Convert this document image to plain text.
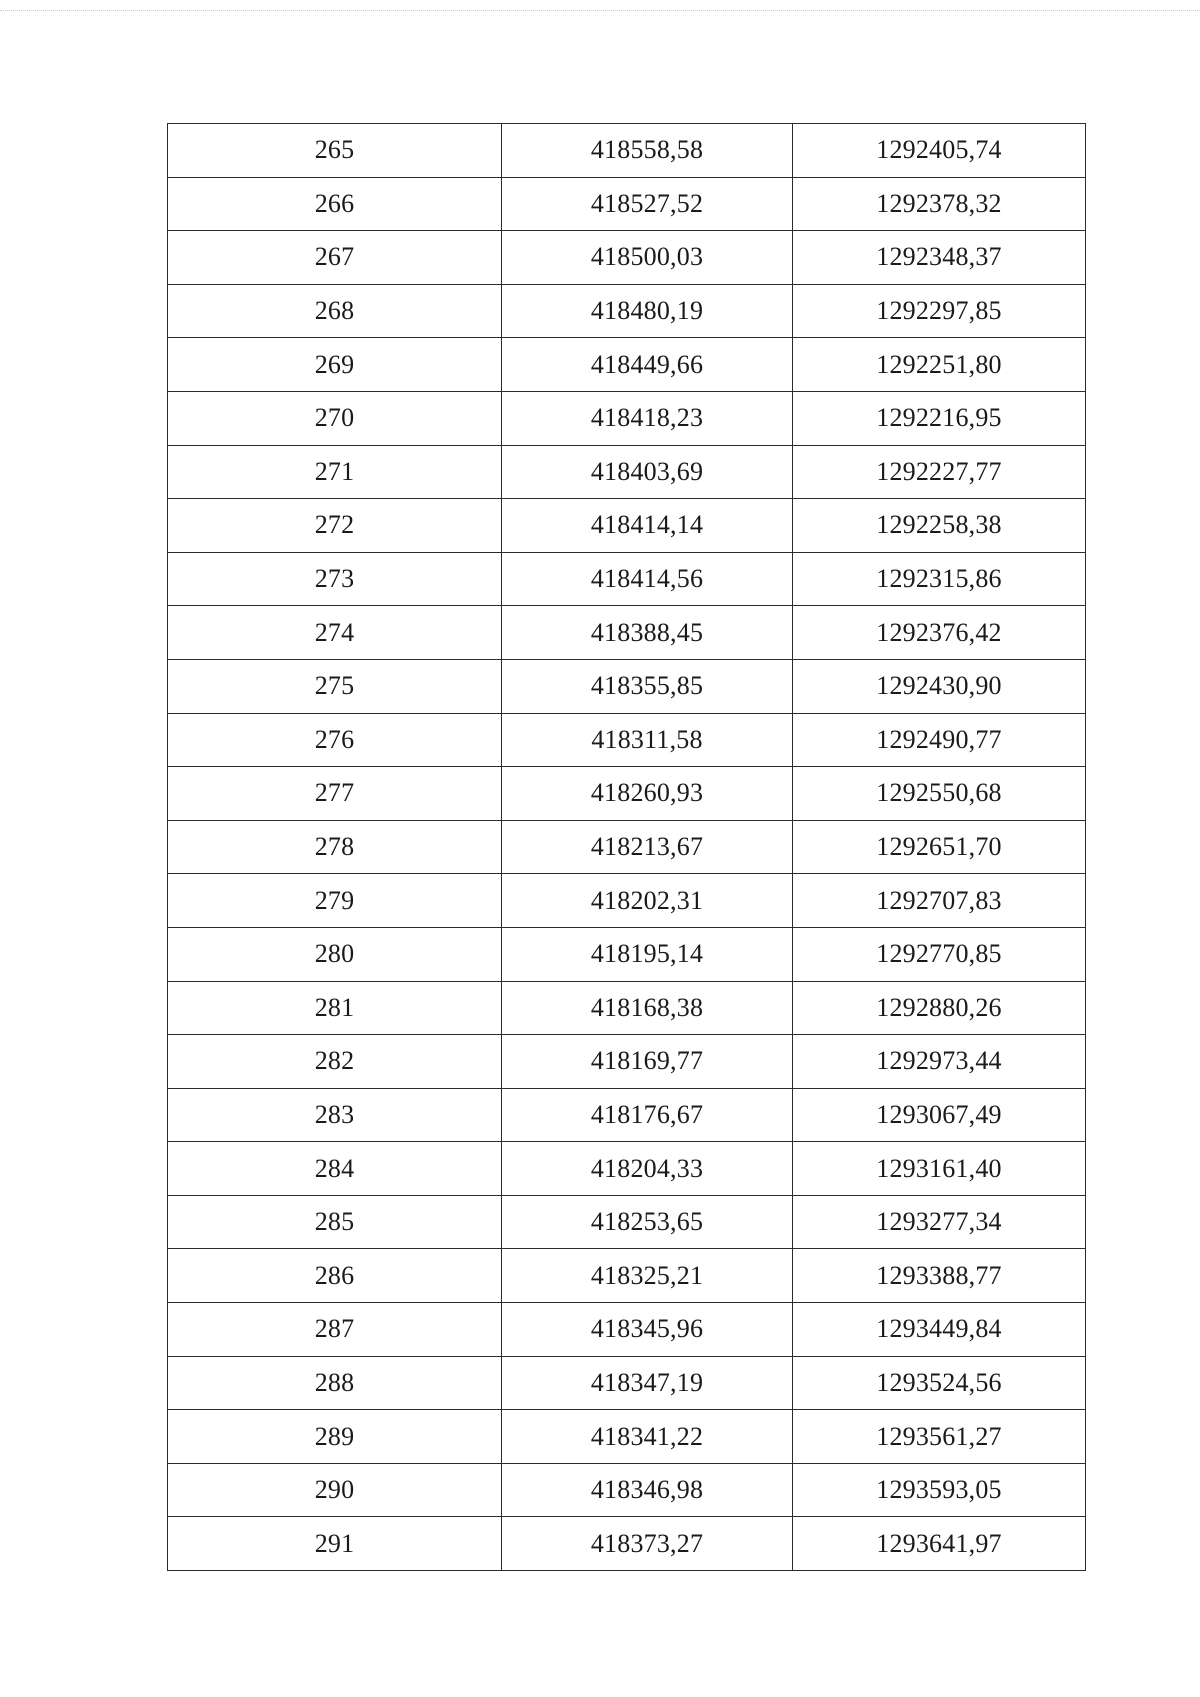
265	418558,58	1292405,74
266	418527,52	1292378,32
267	418500,03	1292348,37
268	418480,19	1292297,85
269	418449,66	1292251,80
270	418418,23	1292216,95
271	418403,69	1292227,77
272	418414,14	1292258,38
273	418414,56	1292315,86
274	418388,45	1292376,42
275	418355,85	1292430,90
276	418311,58	1292490,77
277	418260,93	1292550,68
278	418213,67	1292651,70
279	418202,31	1292707,83
280	418195,14	1292770,85
281	418168,38	1292880,26
282	418169,77	1292973,44
283	418176,67	1293067,49
284	418204,33	1293161,40
285	418253,65	1293277,34
286	418325,21	1293388,77
287	418345,96	1293449,84
288	418347,19	1293524,56
289	418341,22	1293561,27
290	418346,98	1293593,05
291	418373,27	1293641,97
